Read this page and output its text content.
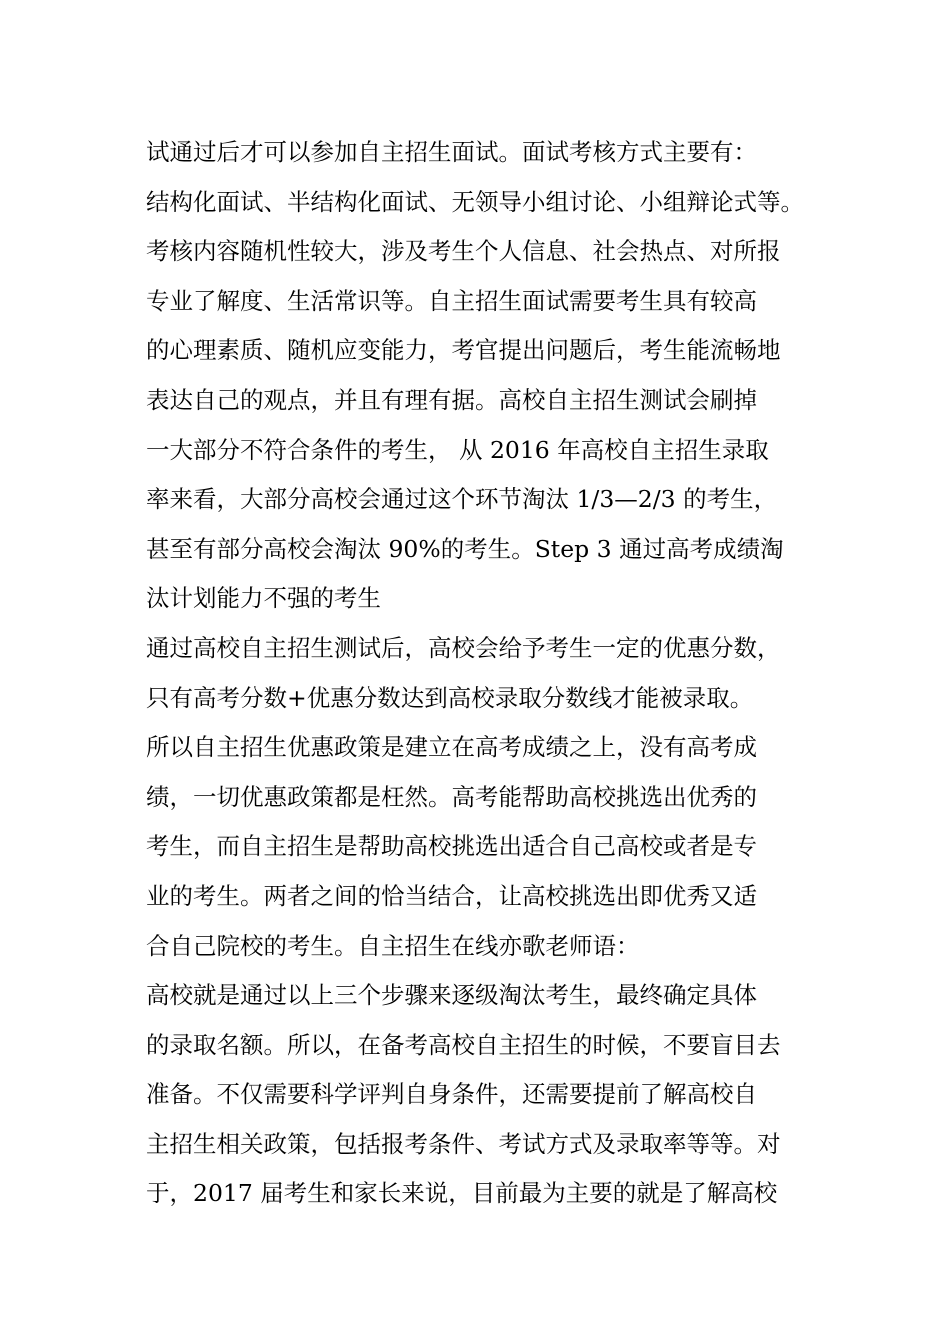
试通过后才可以参加自主招生面试。面试考核方式主要有：
结构化面试、半结构化面试、无领导小组讨论、小组辩论式等。
考核内容随机性较大，涉及考生个人信息、社会热点、对所报
专业了解度、生活常识等。自主招生面试需要考生具有较高
的心理素质、随机应变能力，考官提出问题后，考生能流畅地
表达自己的观点，并且有理有据。高校自主招生测试会刷掉
一大部分不符合条件的考生， 从 2016 年高校自主招生录取
率来看，大部分高校会通过这个环节淘汰 1/3—2/3 的考生，
甚至有部分高校会淘汰 90%的考生。Step 3 通过高考成绩淘
汰计划能力不强的考生
通过高校自主招生测试后，高校会给予考生一定的优惠分数，
只有高考分数+优惠分数达到高校录取分数线才能被录取。
所以自主招生优惠政策是建立在高考成绩之上，没有高考成
绩，一切优惠政策都是枉然。高考能帮助高校挑选出优秀的
考生，而自主招生是帮助高校挑选出适合自己高校或者是专
业的考生。两者之间的恰当结合，让高校挑选出即优秀又适
合自己院校的考生。自主招生在线亦歌老师语：
高校就是通过以上三个步骤来逐级淘汰考生，最终确定具体
的录取名额。所以，在备考高校自主招生的时候，不要盲目去
准备。不仅需要科学评判自身条件，还需要提前了解高校自
主招生相关政策，包括报考条件、考试方式及录取率等等。对
于，2017 届考生和家长来说，目前最为主要的就是了解高校
